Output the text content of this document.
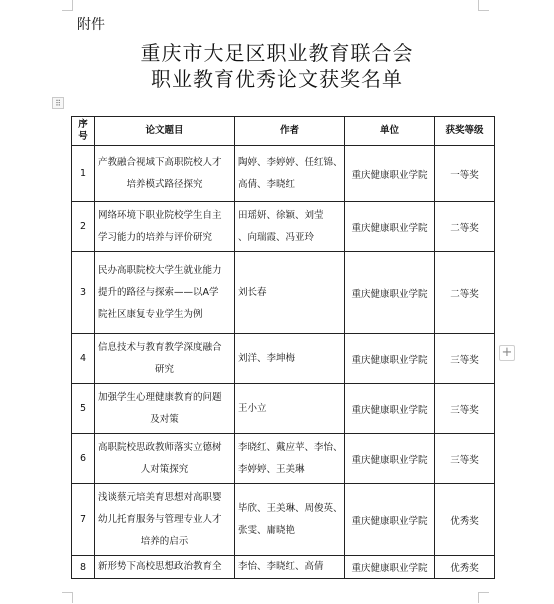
附件
重庆市大足区职业教育联合会
职业教育优秀论文获奖名单
⠿
+
序
号	论文题目	作者	单位	获奖等级
1	产教融合视域下高职院校人才
培养模式路径探究	陶婷、李婷婷、任红锦、
高倩、李晓红	重庆健康职业学院	一等奖
2	网络环境下职业院校学生自主
学习能力的培养与评价研究	田瑶妍、徐颖、刘莹
、向瑞霞、冯亚玲	重庆健康职业学院	二等奖
3	民办高职院校大学生就业能力
提升的路径与探索——以A学
院社区康复专业学生为例	刘长春	重庆健康职业学院	二等奖
4	信息技术与教育教学深度融合
研究	刘洋、李坤梅	重庆健康职业学院	三等奖
5	加强学生心理健康教育的问题
及对策	王小立	重庆健康职业学院	三等奖
6	高职院校思政教师落实立德树
人对策探究	李晓红、戴应苹、李怡、
李婷婷、王美琳	重庆健康职业学院	三等奖
7	浅谈蔡元培美育思想对高职婴
幼儿托育服务与管理专业人才
培养的启示	毕欣、王美琳、周俊英、
张雯、庸晓艳	重庆健康职业学院	优秀奖
8	新形势下高校思想政治教育全	李怡、李晓红、高倩	重庆健康职业学院	优秀奖
